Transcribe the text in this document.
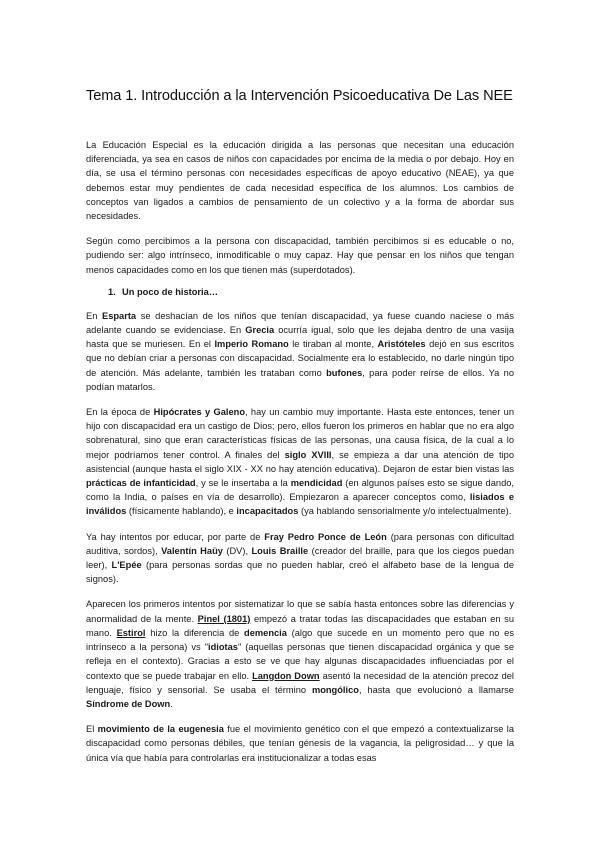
Tema 1. Introducción a la Intervención Psicoeducativa De Las NEE

La Educación Especial es la educación dirigida a las personas que necesitan una educación diferenciada, ya sea en casos de niños con capacidades por encima de la media o por debajo. Hoy en día, se usa el término personas con necesidades específicas de apoyo educativo (NEAE), ya que debemos estar muy pendientes de cada necesidad específica de los alumnos. Los cambios de conceptos van ligados a cambios de pensamiento de un colectivo y a la forma de abordar sus necesidades.

Según como percibimos a la persona con discapacidad, también percibimos si es educable o no, pudiendo ser: algo intrínseco, inmodificable o muy capaz. Hay que pensar en los niños que tengan menos capacidades como en los que tienen más (superdotados).

1. Un poco de historia…

En Esparta se deshacían de los niños que tenían discapacidad, ya fuese cuando naciese o más adelante cuando se evidenciase. En Grecia ocurría igual, solo que les dejaba dentro de una vasija hasta que se muriesen. En el Imperio Romano le tiraban al monte, Aristóteles dejó en sus escritos que no debían criar a personas con discapacidad. Socialmente era lo establecido, no darle ningún tipo de atención. Más adelante, también les trataban como bufones, para poder reírse de ellos. Ya no podían matarlos.

En la época de Hipócrates y Galeno, hay un cambio muy importante. Hasta este entonces, tener un hijo con discapacidad era un castigo de Dios; pero, ellos fueron los primeros en hablar que no era algo sobrenatural, sino que eran características físicas de las personas, una causa física, de la cual a lo mejor podríamos tener control. A finales del siglo XVIII, se empieza a dar una atención de tipo asistencial (aunque hasta el siglo XIX - XX no hay atención educativa). Dejaron de estar bien vistas las prácticas de infanticidad, y se le insertaba a la mendicidad (en algunos países esto se sigue dando, como la India, o países en vía de desarrollo). Empiezaron a aparecer conceptos como, lisiados e inválidos (físicamente hablando), e incapacitados (ya hablando sensorialmente y/o intelectualmente).

Ya hay intentos por educar, por parte de Fray Pedro Ponce de León (para personas con dificultad auditiva, sordos), Valentín Haüy (DV), Louis Braille (creador del braille, para que los ciegos puedan leer), L'Epée (para personas sordas que no pueden hablar, creó el alfabeto base de la lengua de signos).

Aparecen los primeros intentos por sistematizar lo que se sabía hasta entonces sobre las diferencias y anormalidad de la mente. Pinel (1801) empezó a tratar todas las discapacidades que estaban en su mano. Estirol hizo la diferencia de demencia (algo que sucede en un momento pero que no es intrínseco a la persona) vs "idiotas" (aquellas personas que tienen discapacidad orgánica y que se refleja en el contexto). Gracias a esto se ve que hay algunas discapacidades influenciadas por el contexto que se puede trabajar en ello. Langdon Down asentó la necesidad de la atención precoz del lenguaje, físico y sensorial. Se usaba el término mongólico, hasta que evolucionó a llamarse Síndrome de Down.

El movimiento de la eugenesia fue el movimiento genético con el que empezó a contextualizarse la discapacidad como personas débiles, que tenían génesis de la vagancia, la peligrosidad… y que la única vía que había para controlarlas era institucionalizar a todas esas
